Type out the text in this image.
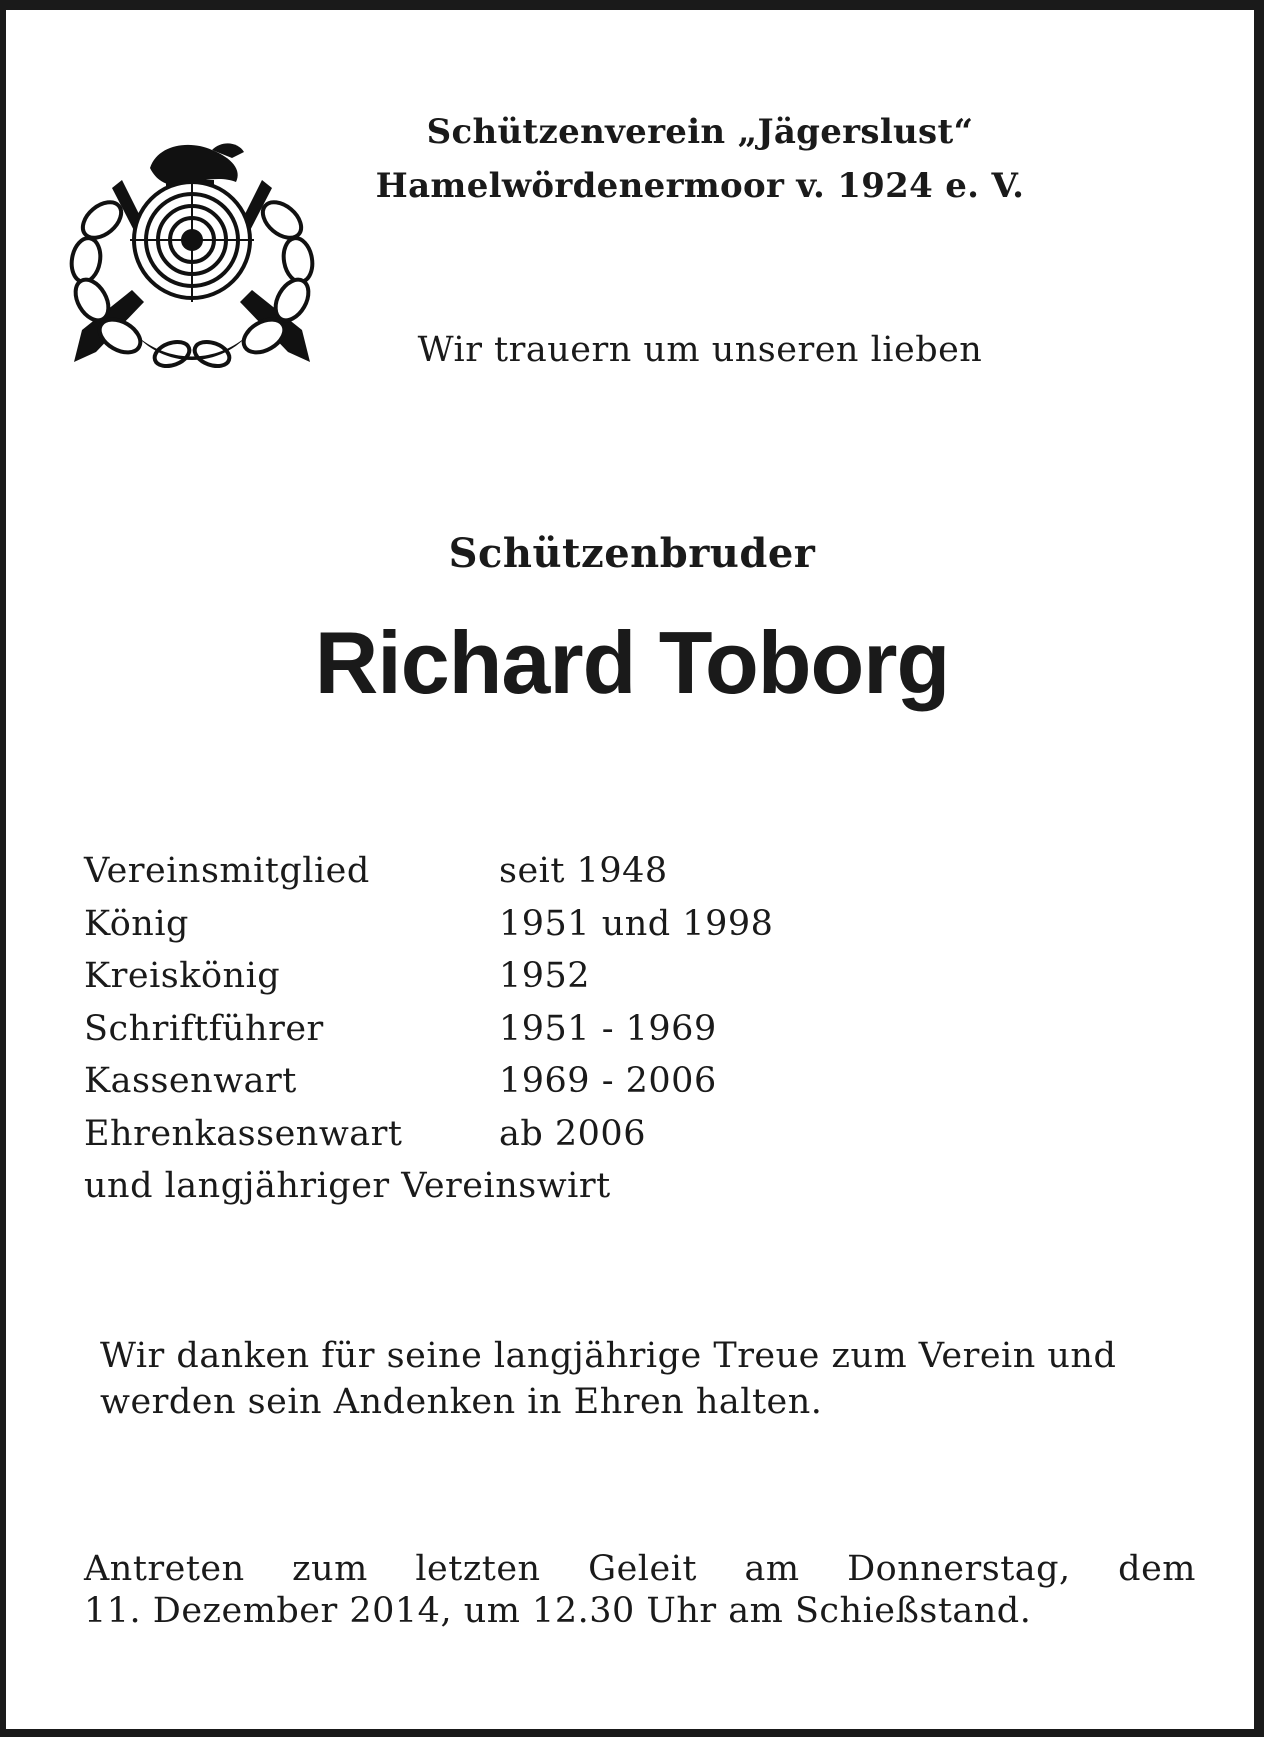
Schützenverein „Jägerslust“
Hamelwördenermoor v. 1924 e. V.
Wir trauern um unseren lieben
Schützenbruder
Richard Toborg
Vereinsmitglied	seit 1948
König	1951 und 1998
Kreiskönig	1952
Schriftführer	1951 - 1969
Kassenwart	1969 - 2006
Ehrenkassenwart	ab 2006
und langjähriger Vereinswirt
Wir danken für seine langjährige Treue zum Verein und
werden sein Andenken in Ehren halten.
Antreten zum letzten Geleit am Donnerstag, dem
11. Dezember 2014, um 12.30 Uhr am Schießstand.
